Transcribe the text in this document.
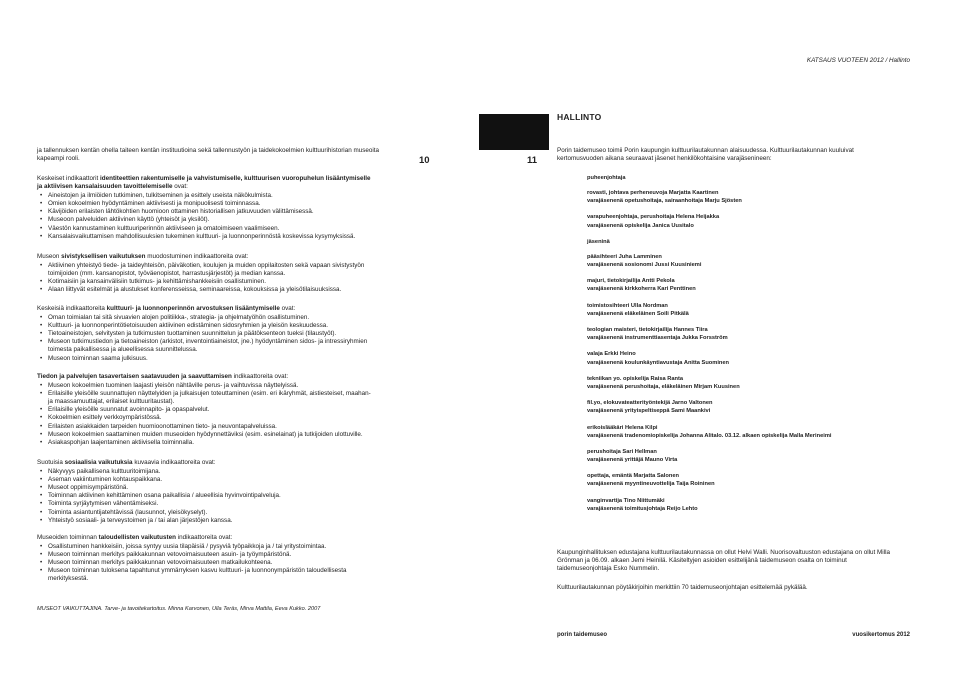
KATSAUS VUOTEEN 2012 / Hallinto
ja tallennuksen kentän ohella taiteen kentän instituutioina sekä tallennustyön ja taidekokoelmien kulttuurihistorian museoita kapeampi rooli.	10

Keskeiset indikaattorit identiteettien rakentumiselle ja vahvistumiselle, kulttuurisen vuoropuhelun lisääntymiselle ja aktiivisen kansalaisuuden tavoittelemiselle ovat:

• Aineistojen ja ilmiöiden tutkiminen, tulkitseminen ja esittely useista näkökulmista.
• Omien kokoelmien hyödyntäminen aktiivisesti ja monipuolisesti toiminnassa.
• Kävijöiden erilaisten lähtökohtien huomioon ottaminen historiallisen jatkuvuuden välittämisessä.
• Museoon palveluiden aktiivinen käyttö (yhteisöt ja yksilöt).
• Väestön kannustaminen kulttuuriperinnön aktiiviseen ja omatoimiseen vaalimiseen.
• Kansalaisvaikuttamisen mahdollisuuksien tukeminen kulttuuri- ja luonnonperinnöstä koskevissa kysymyksissä.

Museon sivistyksellisen vaikutuksen muodostuminen indikaattoreita ovat:

• Aktiivinen yhteistyö tiede- ja taideyhteisön, päiväkotien, koulujen ja muiden oppilaitosten sekä vapaan sivistystyön toimijoiden (mm. kansanopistot, työväenopistot, harrastusjärjestöt) ja median kanssa.
• Kotimaisiin ja kansainvälisiin tutkimus- ja kehittämishankkeisiin osallistuminen.
• Alaan liittyvät esitelmät ja alustukset konferensseissa, seminaareissa, kokouksissa ja yleisötilaisuuksissa.

Keskeisiä indikaattoreita kulttuuri- ja luonnonperinnön arvostuksen lisääntymiselle ovat:

• Oman toimialan tai sitä sivuavien alojen politiikka-, strategia- ja ohjelmatyöhön osallistuminen.
• Kulttuuri- ja luonnonperintötietoisuuden aktiivinen edistäminen sidosryhmien ja yleisön keskuudessa.
• Tietoaineistojen, selvitysten ja tutkimusten tuottaminen suunnittelun ja päätöksenteon tueksi (tilaustyöt).
• Museon tutkimustiedon ja tietoaineiston (arkistot, inventointiaineistot, jne.) hyödyntäminen sidos- ja intressiryhmien toimesta paikallisessa ja alueellisessa suunnittelussa.
• Museon toiminnan saama julkisuus.

Tiedon ja palvelujen tasavertaisen saatavuuden ja saavuttamisen indikaattoreita ovat:

• Museon kokoelmien tuominen laajasti yleisön nähtäville perus- ja vaihtuvissa näyttelyissä.
• Erilaisille yleisöille suunnattujen näyttelyiden ja julkaisujen toteuttaminen (esim. eri ikäryhmät, aistiesteiset, maahan- ja maassamuuttajat, erilaiset kulttuuritaustat).
• Erilaisille yleisöille suunnatut avoinnapito- ja opaspalvelut.
• Kokoelmien esittely verkkoympäristössä.
• Erilaisten asiakkaiden tarpeiden huomioonottaminen tieto- ja neuvontapalveluissa.
• Museon kokoelmien saattaminen muiden museoiden hyödynnettäviksi (esim. esinelainat) ja tutkijoiden ulottuville.
• Asiakaspohjan laajentaminen aktiivisella toiminnalla.

Suotuisia sosiaalisia vaikutuksia kuvaavia indikaattoreita ovat:

• Näkyvyys paikallisena kulttuuritoimijana.
• Aseman vakiintuminen kohtauspaikkana.
• Museot oppimisympäristönä.
• Toiminnan aktiivinen kehittäminen osana paikallisia / alueellisia hyvinvointipalveluja.
• Toiminta syrjäytymisen vähentämiseksi.
• Toiminta asiantuntijatehtävissä (lausunnot, yleisökyselyt).
• Yhteistyö sosiaali- ja terveystoimen ja / tai alan järjestöjen kanssa.

Museoiden toiminnan taloudellisten vaikutusten indikaattoreita ovat:

• Osallistuminen hankkeisiin, joissa syntyy uusia tilapäisiä / pysyviä työpaikkoja ja / tai yritystoimintaa.
• Museon toiminnan merkitys paikkakunnan vetovoimaisuuteen asuin- ja työympäristönä.
• Museon toiminnan merkitys paikkakunnan vetovoimaisuuteen matkailukohteena.
• Museon toiminnan tuloksena tapahtunut ymmärryksen kasvu kulttuuri- ja luonnonympäristön taloudellisesta merkityksestä.
MUSEOT VAIKUTTAJINA. Tarve- ja tavoitekartoitus. Minna Karvonen, Ulla Teräs, Mirva Mattila, Eeva Kukko. 2007
11
HALLINTO
Porin taidemuseo toimii Porin kaupungin kulttuurilautakunnan alaisuudessa. Kulttuurilautakunnan kuuluivat kertomusvuoden aikana seuraavat jäsenet henkilökohtaisine varajäsenineen:

puheenjohtaja

rovasti, johtava perheneuvoja Marjatta Kaartinen

varajäsenenä opetushoitaja, sairaanhoitaja Marju Sjösten

varapuheenjohtaja, perushoitaja Helena Heijakka

varajäsenenä opiskelija Janica Uusitalo

jäseninä

pääsihteeri Juha Lamminen

varajäsenenä sosionomi Jussi Kuusiniemi

majuri, tietokirjailija Antti Pekola

varajäsenenä kirkkoherra Kari Penttinen

toimistosihteeri Ulla Nordman

varajäsenenä eläkeläinen Soili Pitkälä

teologian maisteri, tietokirjailija Hannes Tiira

varajäsenenä instrumenttiasentaja Jukka Forsström

valaja Erkki Heino

varajäsenenä koulunkäyntiavustaja Anitta Suominen

tekniikan yo. opiskelija Raisa Ranta

varajäsenenä perushoitaja, eläkeläinen Mirjam Kuusinen

fil.yo, elokuvateatterityöntekijä Jarno Valtonen

varajäsenenä yrityispeltiseppä Sami Maankivi

erikoislääkäri Helena Kilpi

varajäsenenä tradenomiopiskelija Johanna Alitalo. 03.12. alkaen opiskelija Malla Merineimi

perushoitaja Sari Hellman

varajäsenenä yrittäjä Mauno Virta

opettaja, emäntä Marjatta Salonen

varajäsenenä myyntineuvottelija Taija Roininen

vanginvartija Tino Niittumäki

varajäsenenä toimitusjohtaja Reijo Lehto

Kaupunginhallituksen edustajana kulttuurilautakunnassa on ollut Helvi Walli. Nuorisovaltuuston edustajana on ollut Milla Grönman ja 06.09. alkaen Jemi Heinilä. Käsiteltyjen asioiden esittelijänä taidemuseon osalta on toiminut taidemuseonjohtaja Esko Nummelin.
Kulttuurilautakunnan pöytäkirjoihin merkittiin 70 taidemuseonjohtajan esittelemää pykälää.
porin taidemuseo	vuosikertomus 2012
